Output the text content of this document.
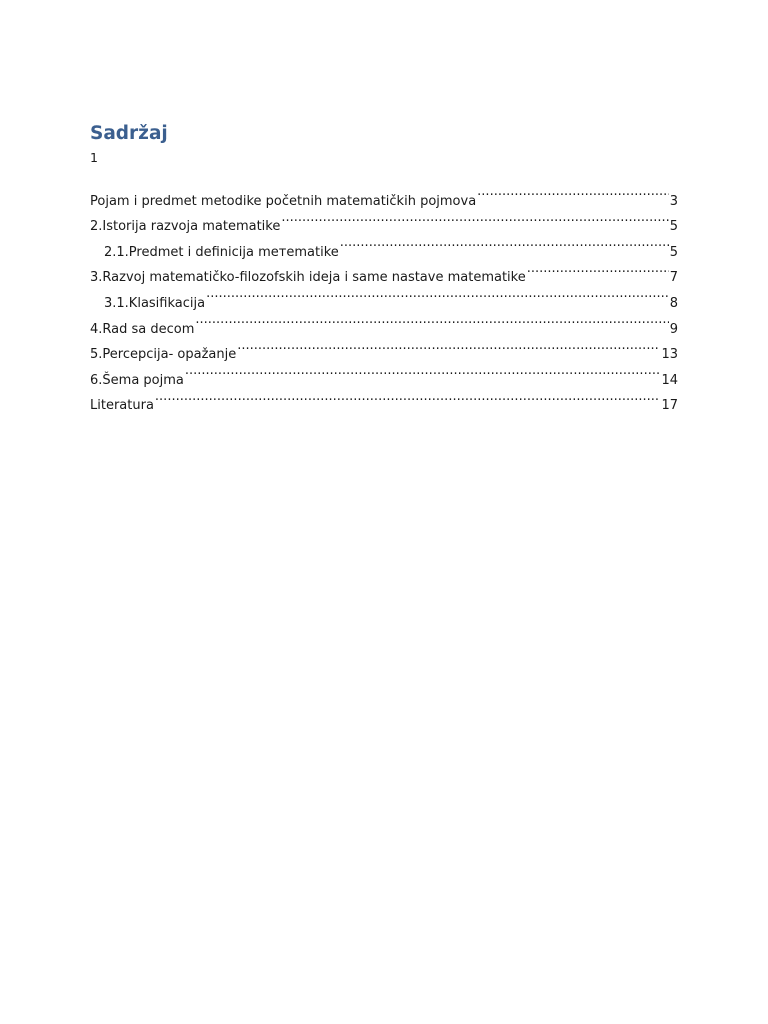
Sadržaj
1
Pojam i predmet metodike početnih matematičkih pojmova .....	3
2.Istorija razvoja matematike .....	5
2.1.Predmet i definicija meтematike .....	5
3.Razvoj matematičko-filozofskih ideja i same nastave matematike .....	7
3.1.Klasifikacija .....	8
4.Rad sa decom .....	9
5.Percepcija- opažanje .....	13
6.Šema pojma .....	14
Literatura .....	17
